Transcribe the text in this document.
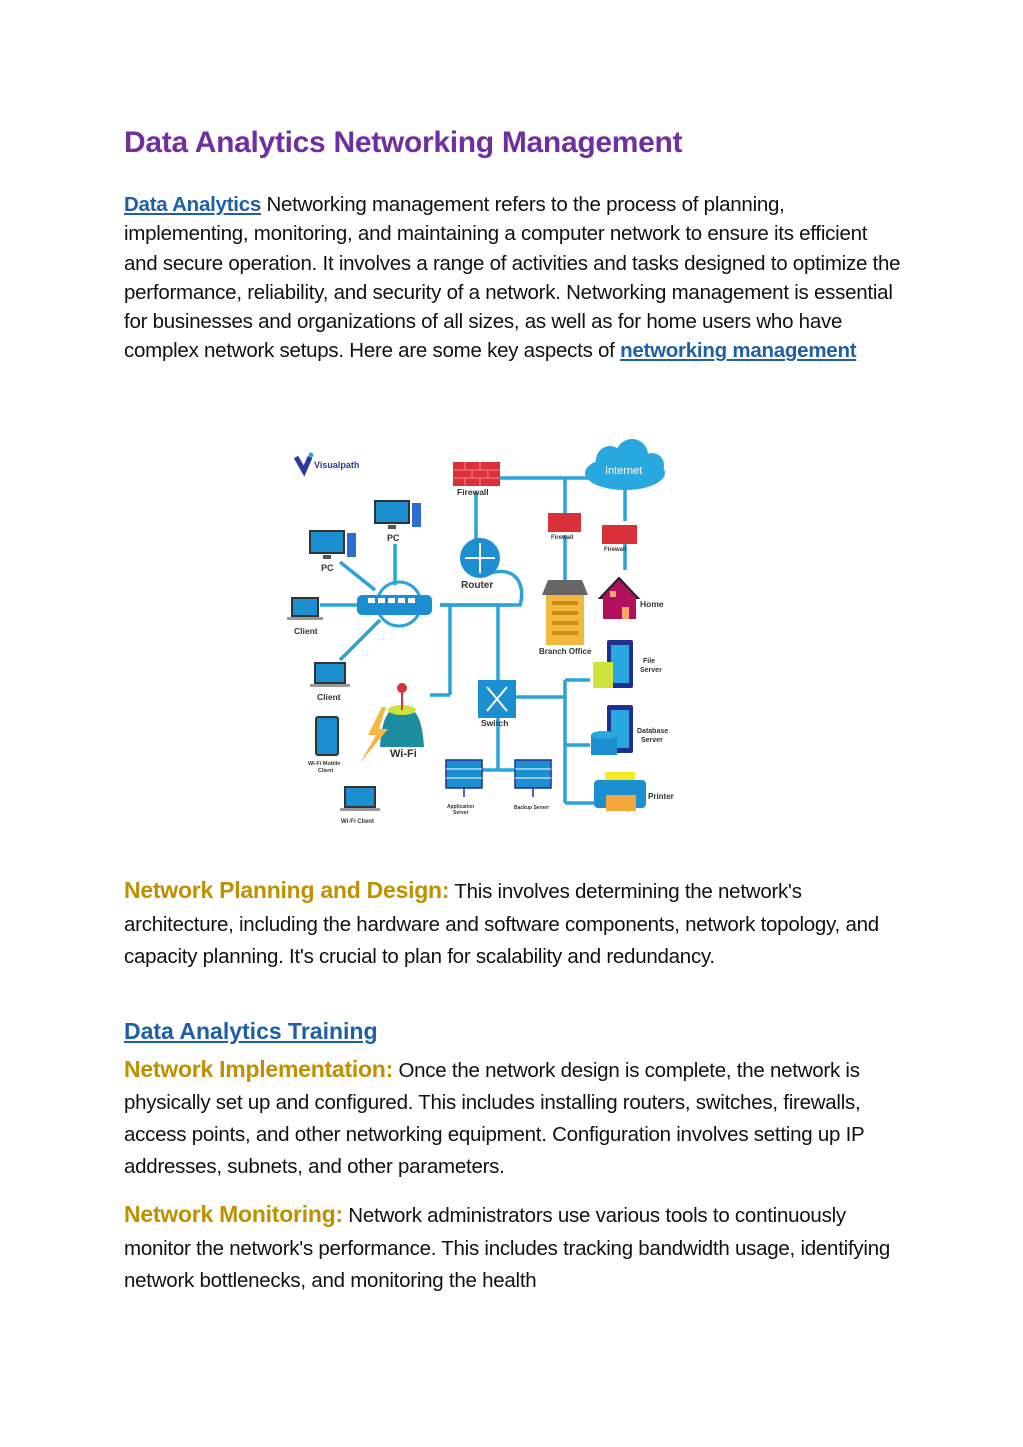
Data Analytics Networking Management

Data Analytics Networking management refers to the process of planning, implementing, monitoring, and maintaining a computer network to ensure its efficient and secure operation. It involves a range of activities and tasks designed to optimize the performance, reliability, and security of a network. Networking management is essential for businesses and organizations of all sizes, as well as for home users who have complex network setups. Here are some key aspects of networking management

Visualpath
Firewall
Internet
Firewall
Firewall
PC
PC
Router
Branch Office
Home
Client
Client
File
Server
Switch
Wi-Fi
Wi-Fi Mobile
Client
Database
Server
Printer
Wi-Fi Client
Application
Server
Backup Server

Network Planning and Design: This involves determining the network's architecture, including the hardware and software components, network topology, and capacity planning. It's crucial to plan for scalability and redundancy.

Data Analytics Training

Network Implementation: Once the network design is complete, the network is physically set up and configured. This includes installing routers, switches, firewalls, access points, and other networking equipment. Configuration involves setting up IP addresses, subnets, and other parameters.

Network Monitoring: Network administrators use various tools to continuously monitor the network's performance. This includes tracking bandwidth usage, identifying network bottlenecks, and monitoring the health
